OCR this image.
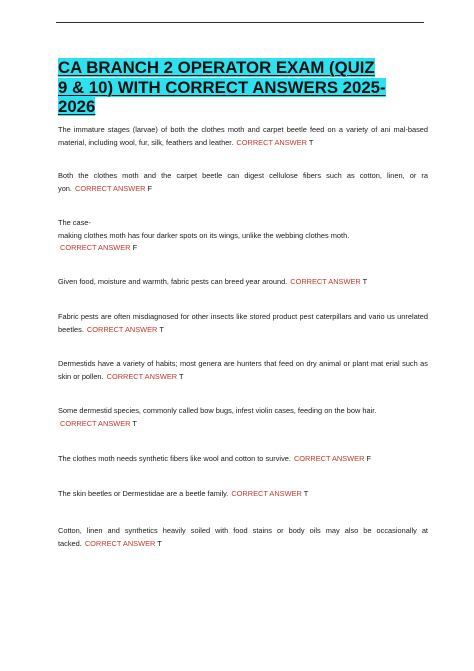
CA BRANCH 2 OPERATOR EXAM (QUIZ
9 & 10) WITH CORRECT ANSWERS 2025-
2026

The immature stages (larvae) of both the clothes moth and carpet beetle feed on a variety of ani mal-based material, including wool, fur, silk, feathers and leather. CORRECT ANSWER T

Both the clothes moth and the carpet beetle can digest cellulose fibers such as cotton, linen, or ra yon. CORRECT ANSWER F

The case-
making clothes moth has four darker spots on its wings, unlike the webbing clothes moth.
CORRECT ANSWER F

Given food, moisture and warmth, fabric pests can breed year around. CORRECT ANSWER T

Fabric pests are often misdiagnosed for other insects like stored product pest caterpillars and vario us unrelated beetles. CORRECT ANSWER T

Dermestids have a variety of habits; most genera are hunters that feed on dry animal or plant mat erial such as skin or pollen. CORRECT ANSWER T

Some dermestid species, commonly called bow bugs, infest violin cases, feeding on the bow hair.
CORRECT ANSWER T

The clothes moth needs synthetic fibers like wool and cotton to survive. CORRECT ANSWER F

The skin beetles or Dermestidae are a beetle family. CORRECT ANSWER T

Cotton, linen and synthetics heavily soiled with food stains or body oils may also be occasionally at tacked. CORRECT ANSWER T
